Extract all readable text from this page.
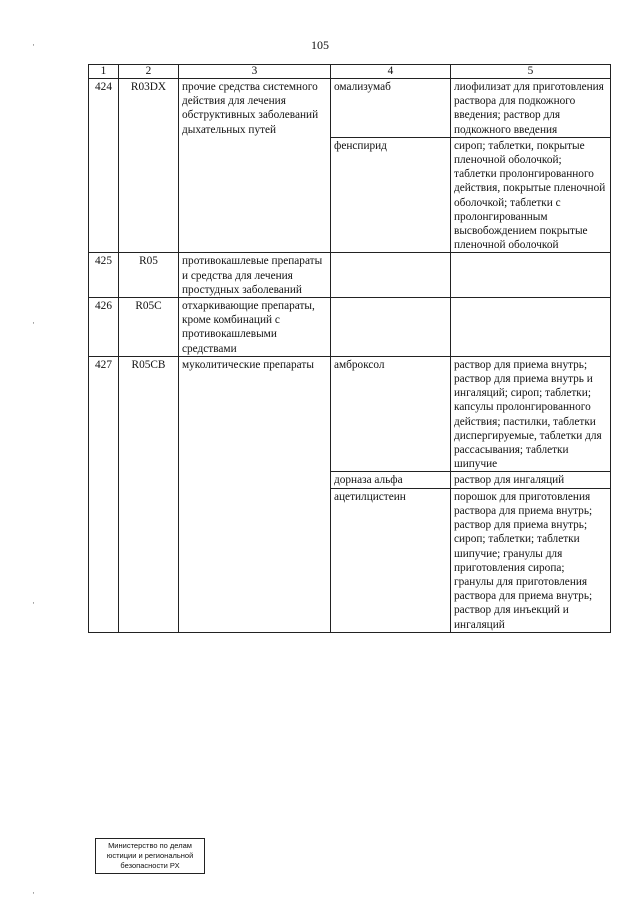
105
1	2	3	4	5
424	R03DX	прочие средства системного действия для лечения обструктивных заболеваний дыхательных путей	омализумаб	лиофилизат для приготовления раствора для подкожного введения; раствор для подкожного введения
			фенспирид	сироп; таблетки, покрытые пленочной оболочкой; таблетки пролонгированного действия, покрытые пленочной оболочкой; таблетки с пролонгированным высвобождением покрытые пленочной оболочкой
425	R05	противокашлевые препараты и средства для лечения простудных заболеваний		
426	R05C	отхаркивающие препараты, кроме комбинаций с противокашлевыми средствами		
427	R05CB	муколитические препараты	амброксол	раствор для приема внутрь; раствор для приема внутрь и ингаляций; сироп; таблетки; капсулы пролонгированного действия; пастилки, таблетки диспергируемые, таблетки для рассасывания; таблетки шипучие
			дорназа альфа	раствор для ингаляций
			ацетилцистеин	порошок для приготовления раствора для приема внутрь; раствор для приема внутрь; сироп; таблетки; таблетки шипучие; гранулы для приготовления сиропа; гранулы для приготовления раствора для приема внутрь; раствор для инъекций и ингаляций
Министерство по делам
юстиции и региональной
безопасности РХ
·
·
·
·
